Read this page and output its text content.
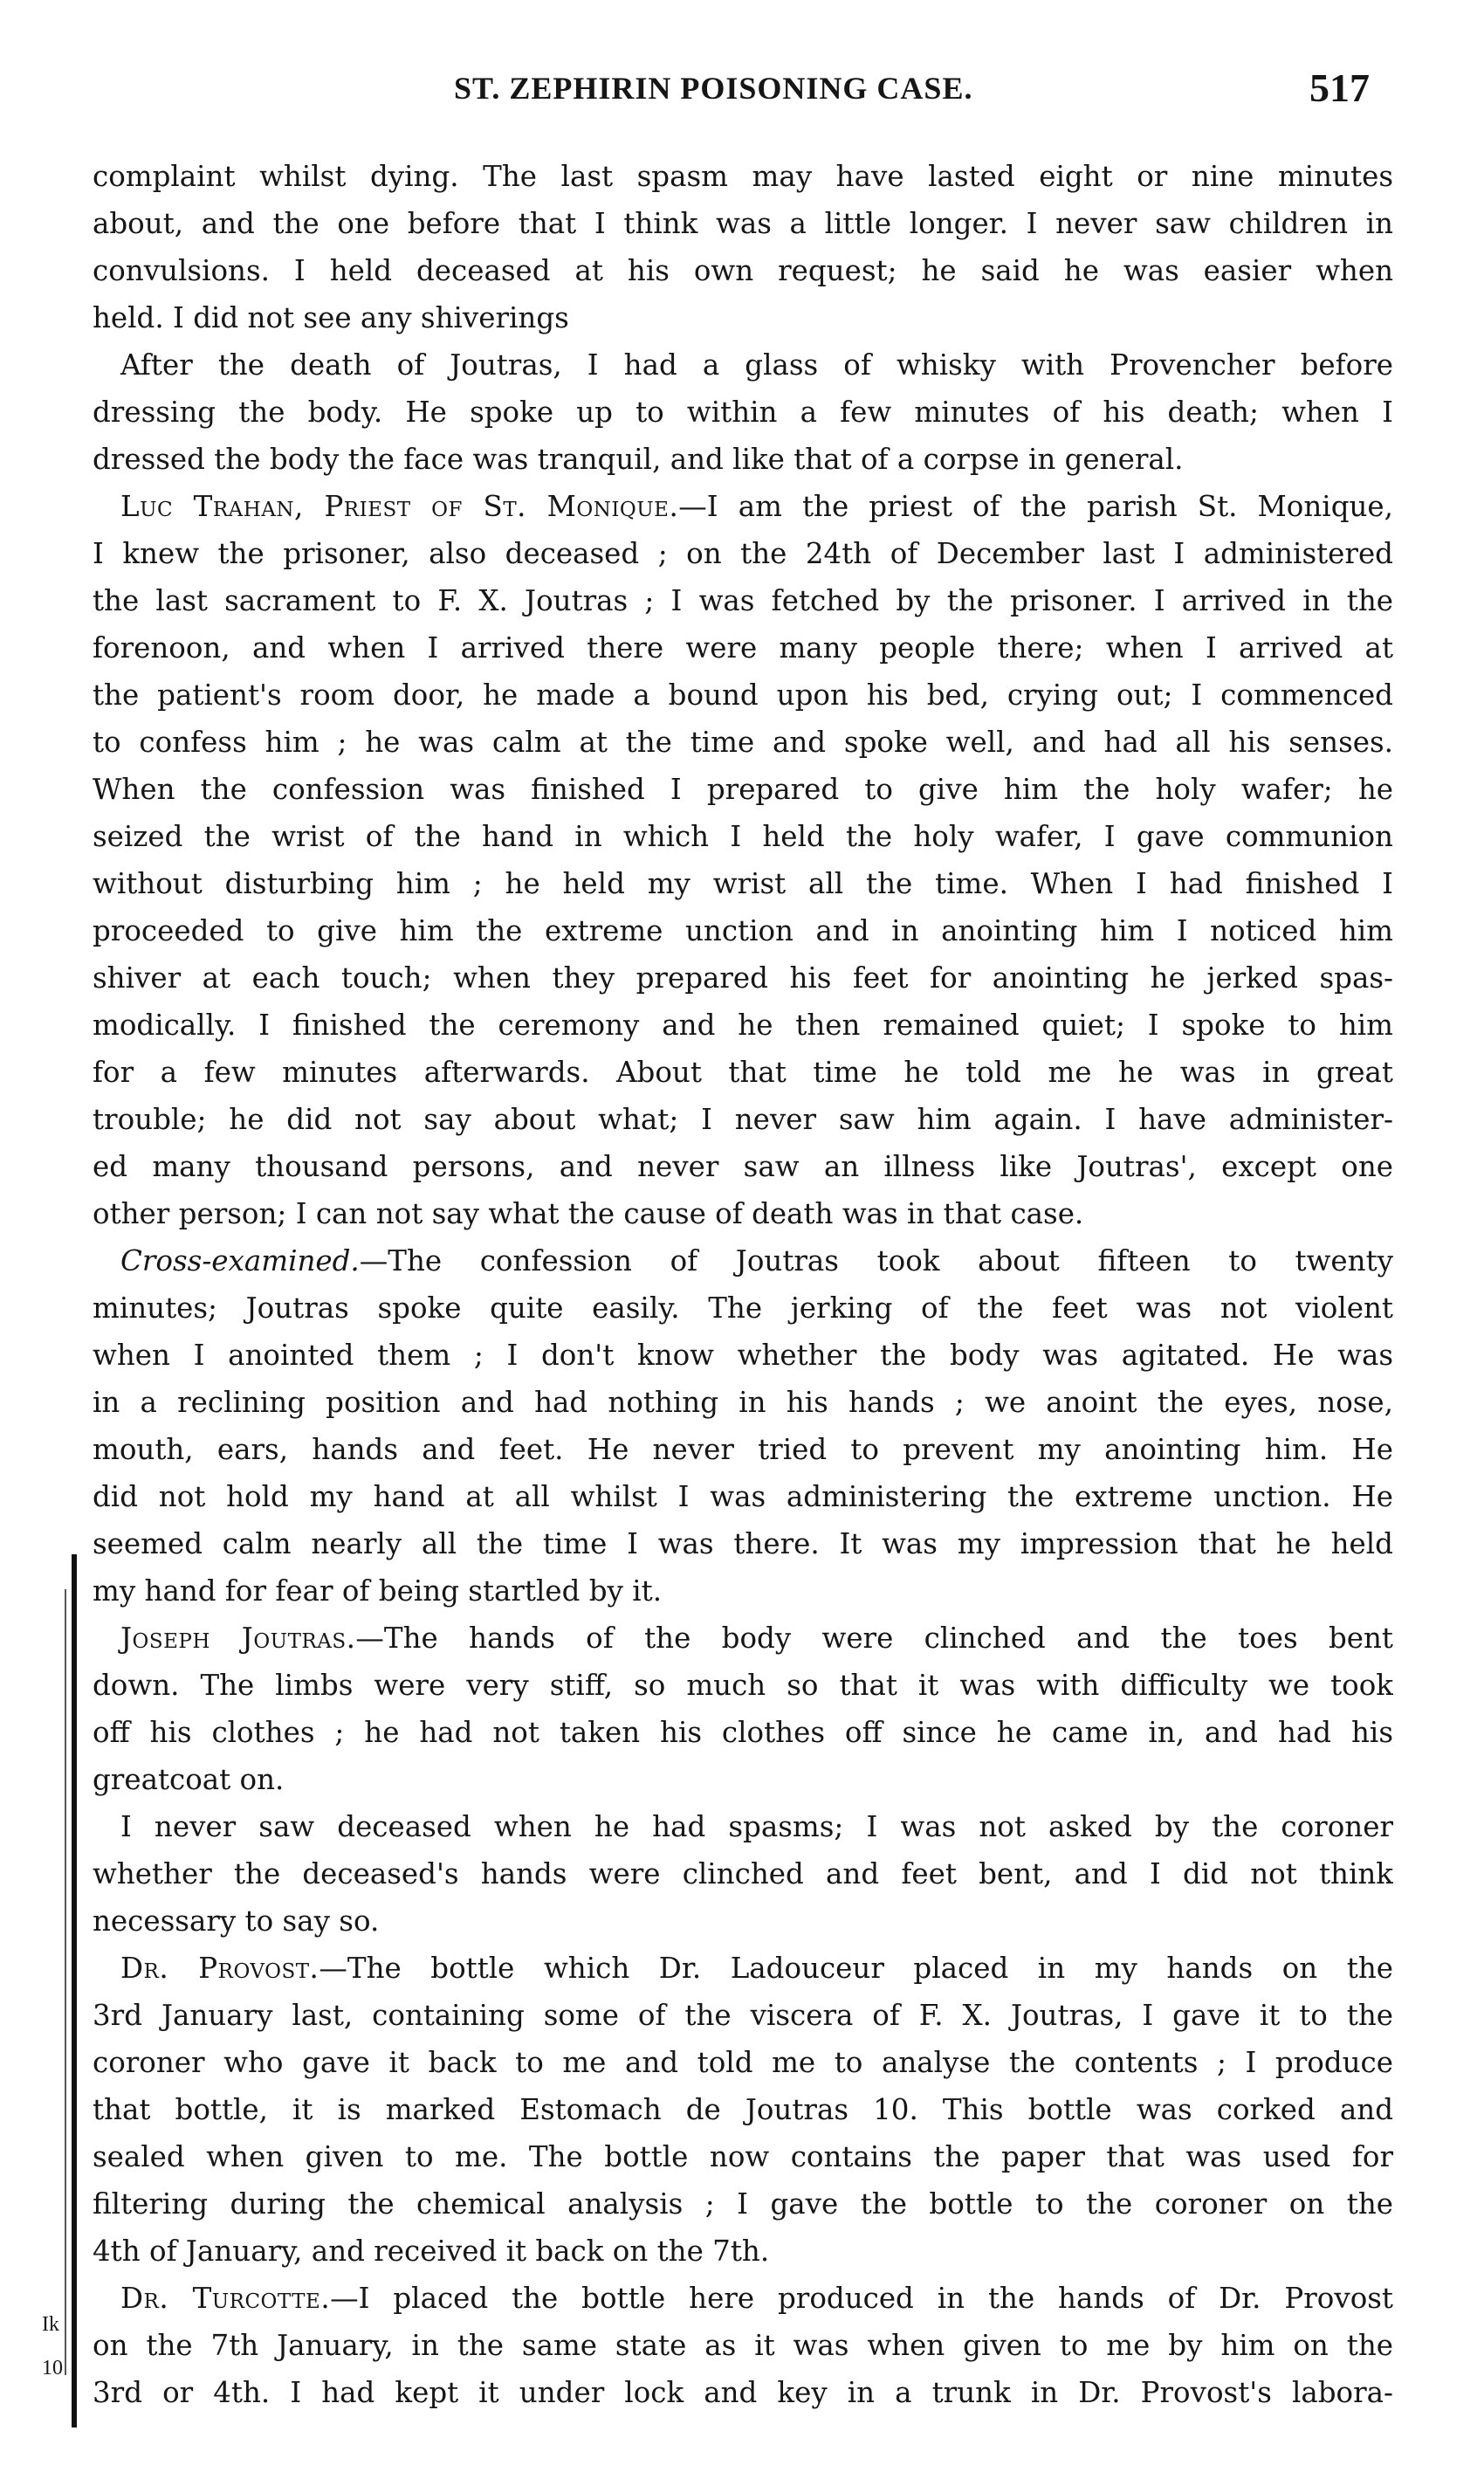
ST. ZEPHIRIN POISONING CASE.	517
Ik
10
complaint whilst dying. The last spasm may have lasted eight or nine minutes
about, and the one before that I think was a little longer. I never saw children in
convulsions. I held deceased at his own request; he said he was easier when
held. I did not see any shiverings
After the death of Joutras, I had a glass of whisky with Provencher before
dressing the body. He spoke up to within a few minutes of his death; when I
dressed the body the face was tranquil, and like that of a corpse in general.
Luc Trahan, Priest of St. Monique.—I am the priest of the parish St. Monique,
I knew the prisoner, also deceased ; on the 24th of December last I administered
the last sacrament to F. X. Joutras ; I was fetched by the prisoner. I arrived in the
forenoon, and when I arrived there were many people there; when I arrived at
the patient's room door, he made a bound upon his bed, crying out; I commenced
to confess him ; he was calm at the time and spoke well, and had all his senses.
When the confession was finished I prepared to give him the holy wafer; he
seized the wrist of the hand in which I held the holy wafer, I gave communion
without disturbing him ; he held my wrist all the time. When I had finished I
proceeded to give him the extreme unction and in anointing him I noticed him
shiver at each touch; when they prepared his feet for anointing he jerked spas-
modically. I finished the ceremony and he then remained quiet; I spoke to him
for a few minutes afterwards. About that time he told me he was in great
trouble; he did not say about what; I never saw him again. I have administer-
ed many thousand persons, and never saw an illness like Joutras', except one
other person; I can not say what the cause of death was in that case.
Cross-examined.—The confession of Joutras took about fifteen to twenty
minutes; Joutras spoke quite easily. The jerking of the feet was not violent
when I anointed them ; I don't know whether the body was agitated. He was
in a reclining position and had nothing in his hands ; we anoint the eyes, nose,
mouth, ears, hands and feet. He never tried to prevent my anointing him. He
did not hold my hand at all whilst I was administering the extreme unction. He
seemed calm nearly all the time I was there. It was my impression that he held
my hand for fear of being startled by it.
Joseph Joutras.—The hands of the body were clinched and the toes bent
down. The limbs were very stiff, so much so that it was with difficulty we took
off his clothes ; he had not taken his clothes off since he came in, and had his
greatcoat on.
I never saw deceased when he had spasms; I was not asked by the coroner
whether the deceased's hands were clinched and feet bent, and I did not think
necessary to say so.
Dr. Provost.—The bottle which Dr. Ladouceur placed in my hands on the
3rd January last, containing some of the viscera of F. X. Joutras, I gave it to the
coroner who gave it back to me and told me to analyse the contents ; I produce
that bottle, it is marked Estomach de Joutras 10. This bottle was corked and
sealed when given to me. The bottle now contains the paper that was used for
filtering during the chemical analysis ; I gave the bottle to the coroner on the
4th of January, and received it back on the 7th.
Dr. Turcotte.—I placed the bottle here produced in the hands of Dr. Provost
on the 7th January, in the same state as it was when given to me by him on the
3rd or 4th. I had kept it under lock and key in a trunk in Dr. Provost's labora-
